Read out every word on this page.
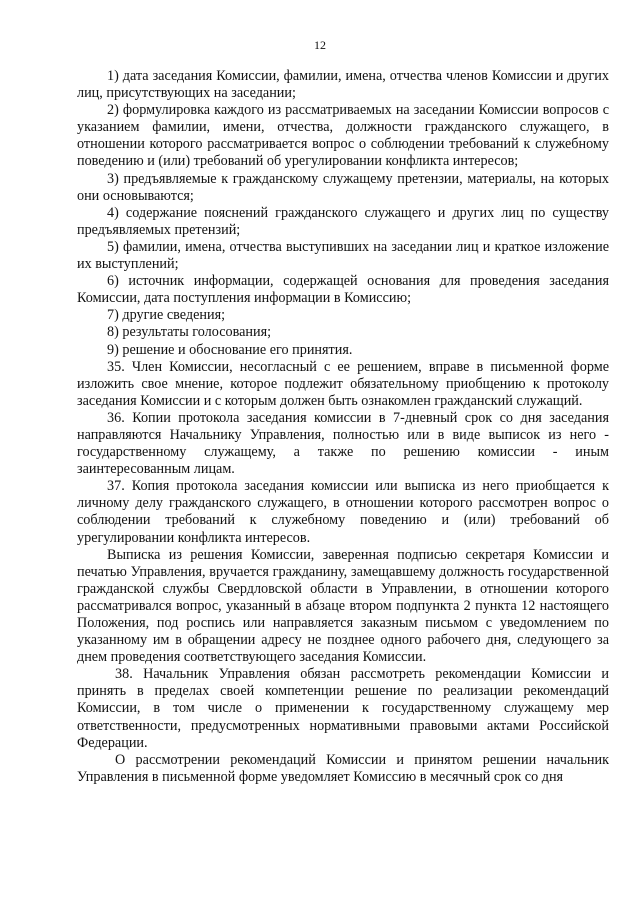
12

1) дата заседания Комиссии, фамилии, имена, отчества членов Комиссии и других лиц, присутствующих на заседании;

2) формулировка каждого из рассматриваемых на заседании Комиссии вопросов с указанием фамилии, имени, отчества, должности гражданского служащего, в отношении которого рассматривается вопрос о соблюдении требований к служебному поведению и (или) требований об урегулировании конфликта интересов;

3) предъявляемые к гражданскому служащему претензии, материалы, на которых они основываются;

4) содержание пояснений гражданского служащего и других лиц по существу предъявляемых претензий;

5) фамилии, имена, отчества выступивших на заседании лиц и краткое изложение их выступлений;

6) источник информации, содержащей основания для проведения заседания Комиссии, дата поступления информации в Комиссию;

7) другие сведения;

8) результаты голосования;

9) решение и обоснование его принятия.

35. Член Комиссии, несогласный с ее решением, вправе в письменной форме изложить свое мнение, которое подлежит обязательному приобщению к протоколу заседания Комиссии и с которым должен быть ознакомлен гражданский служащий.

36. Копии протокола заседания комиссии в 7-дневный срок со дня заседания направляются Начальнику Управления, полностью или в виде выписок из него - государственному служащему, а также по решению комиссии - иным заинтересованным лицам.

37. Копия протокола заседания комиссии или выписка из него приобщается к личному делу гражданского служащего, в отношении которого рассмотрен вопрос о соблюдении требований к служебному поведению и (или) требований об урегулировании конфликта интересов.

Выписка из решения Комиссии, заверенная подписью секретаря Комиссии и печатью Управления, вручается гражданину, замещавшему должность государственной гражданской службы Свердловской области в Управлении, в отношении которого рассматривался вопрос, указанный в абзаце втором подпункта 2 пункта 12 настоящего Положения, под роспись или направляется заказным письмом с уведомлением по указанному им в обращении адресу не позднее одного рабочего дня, следующего за днем проведения соответствующего заседания Комиссии.

38. Начальник Управления обязан рассмотреть рекомендации Комиссии и принять в пределах своей компетенции решение по реализации рекомендаций Комиссии, в том числе о применении к государственному служащему мер ответственности, предусмотренных нормативными правовыми актами Российской Федерации.

О рассмотрении рекомендаций Комиссии и принятом решении начальник Управления в письменной форме уведомляет Комиссию в месячный срок со дня
